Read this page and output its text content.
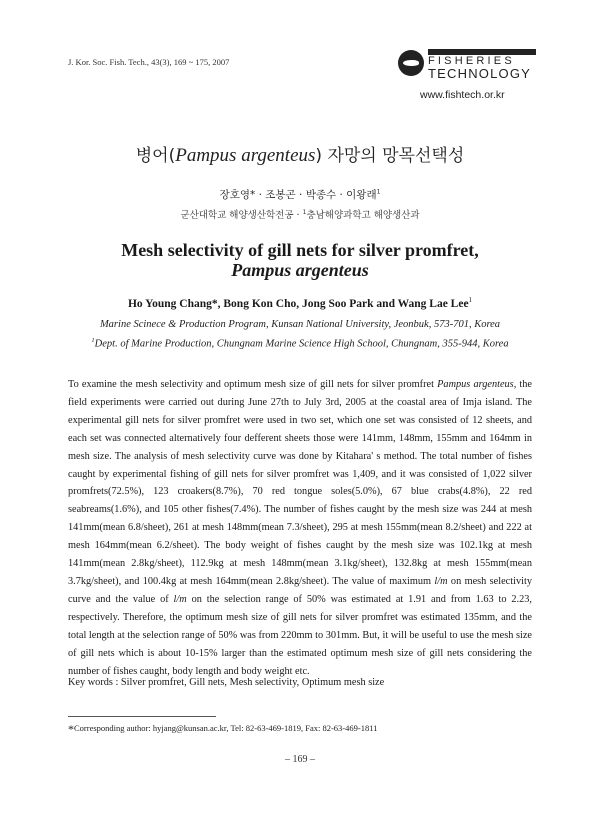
J. Kor. Soc. Fish. Tech., 43(3), 169 ~ 175, 2007	FISHERIES
TECHNOLOGY
www.fishtech.or.kr
병어(Pampus argenteus) 자망의 망목선택성
장호영* · 조봉곤 · 박종수 · 이왕래$^1$
군산대학교 해양생산학전공 · $^1$충남해양과학고 해양생산과
Mesh selectivity of gill nets for silver promfret,
Pampus argenteus
Ho Young Chang*, Bong Kon Cho, Jong Soo Park and Wang Lae Lee$^1$
Marine Scinece & Production Program, Kunsan National University, Jeonbuk, 573-701, Korea
$^1$Dept. of Marine Production, Chungnam Marine Science High School, Chungnam, 355-944, Korea
To examine the mesh selectivity and optimum mesh size of gill nets for silver promfret Pampus argenteus, the field experiments were carried out during June 27th to July 3rd, 2005 at the coastal area of Imja island. The experimental gill nets for silver promfret were used in two set, which one set was consisted of 12 sheets, and each set was connected alternatively four defferent sheets those were 141mm, 148mm, 155mm and 164mm in mesh size. The analysis of mesh selectivity curve was done by Kitahara' s method. The total number of fishes caught by experimental fishing of gill nets for silver promfret was 1,409, and it was consisted of 1,022 silver promfrets(72.5%), 123 croakers(8.7%), 70 red tongue soles(5.0%), 67 blue crabs(4.8%), 22 red seabreams(1.6%), and 105 other fishes(7.4%). The number of fishes caught by the mesh size was 244 at mesh 141mm(mean 6.8/sheet), 261 at mesh 148mm(mean 7.3/sheet), 295 at mesh 155mm(mean 8.2/sheet) and 222 at mesh 164mm(mean 6.2/sheet). The body weight of fishes caught by the mesh size was 102.1kg at mesh 141mm(mean 2.8kg/sheet), 112.9kg at mesh 148mm(mean 3.1kg/sheet), 132.8kg at mesh 155mm(mean 3.7kg/sheet), and 100.4kg at mesh 164mm(mean 2.8kg/sheet). The value of maximum l/m on mesh selectivity curve and the value of l/m on the selection range of 50% was estimated at 1.91 and from 1.63 to 2.23, respectively. Therefore, the optimum mesh size of gill nets for silver promfret was estimated 135mm, and the total length at the selection range of 50% was from 220mm to 301mm. But, it will be useful to use the mesh size of gill nets which is about 10-15% larger than the estimated optimum mesh size of gill nets considering the number of fishes caught, body length and body weight etc.
Key words : Silver promfret, Gill nets, Mesh selectivity, Optimum mesh size
*Corresponding author: hyjang@kunsan.ac.kr, Tel: 82-63-469-1819, Fax: 82-63-469-1811
– 169 –
